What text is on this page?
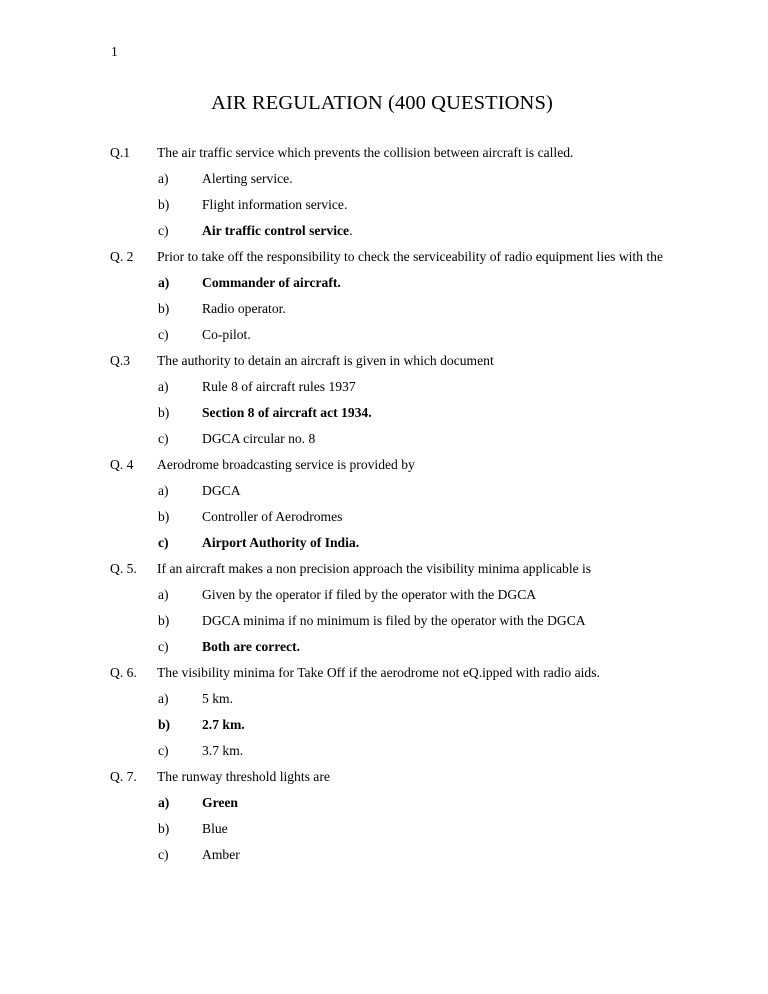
1
AIR REGULATION (400 QUESTIONS)
Q.1	The air traffic service which prevents the collision between aircraft is called.
a)	Alerting service.
b)	Flight information service.
c)	Air traffic control service.
Q. 2	Prior to take off the responsibility to check the serviceability of radio equipment lies with the
a)	Commander of aircraft.
b)	Radio operator.
c)	Co-pilot.
Q.3	The authority to detain an aircraft is given in which document
a)	Rule 8 of aircraft rules 1937
b)	Section 8 of aircraft act 1934.
c)	DGCA circular no. 8
Q. 4	Aerodrome broadcasting service is provided by
a)	DGCA
b)	Controller of Aerodromes
c)	Airport Authority of India.
Q. 5.	If an aircraft makes a non precision approach the visibility minima applicable is
a)	Given by the operator if filed by the operator with the DGCA
b)	DGCA minima if no minimum is filed by the operator with the DGCA
c)	Both are correct.
Q. 6.	The visibility minima for Take Off if the aerodrome not eQ.ipped with radio aids.
a)	5 km.
b)	2.7 km.
c)	3.7 km.
Q. 7.	The runway threshold lights are
a)	Green
b)	Blue
c)	Amber
